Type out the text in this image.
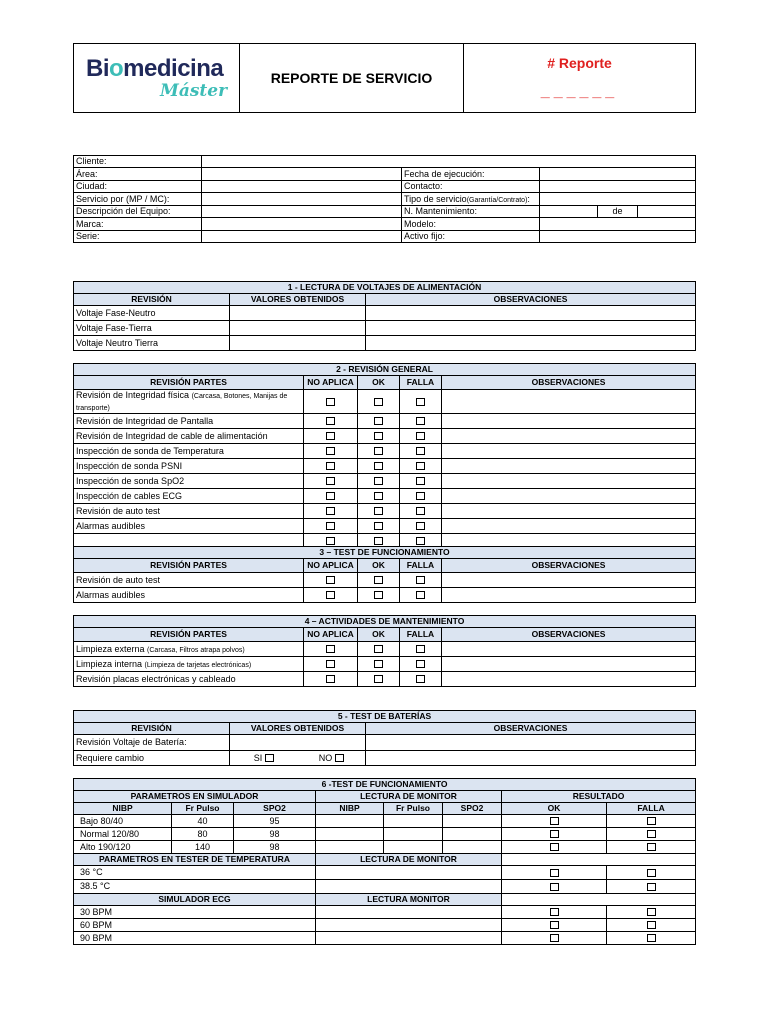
Biomedicina
Máster
	REPORTE DE SERVICIO	# Reporte
______
Cliente:					
Área:		Fecha de ejecución:			
Ciudad:		Contacto:			
Servicio por (MP / MC):		Tipo de servicio(Garantía/Contrato):			
Descripción del Equipo:		N. Mantenimiento:		de	
Marca:		Modelo:			
Serie:		Activo fijo:			
1 - LECTURA DE VOLTAJES DE ALIMENTACIÓN		
REVISIÓN	VALORES OBTENIDOS	OBSERVACIONES
Voltaje Fase-Neutro		
Voltaje Fase-Tierra		
Voltaje Neutro Tierra		
2 - REVISIÓN GENERAL				
REVISIÓN PARTES	NO APLICA	OK	FALLA	OBSERVACIONES
Revisión de Integridad física (Carcasa, Botones, Manijas de transporte)				
Revisión de Integridad de Pantalla				
Revisión de Integridad de cable de alimentación				
Inspección de sonda de Temperatura				
Inspección de sonda PSNI				
Inspección de sonda SpO2				
Inspección de cables ECG				
Revisión de auto test				
Alarmas audibles				

3 – TEST DE FUNCIONAMIENTO				
REVISIÓN PARTES	NO APLICA	OK	FALLA	OBSERVACIONES
Revisión de auto test				
Alarmas audibles				
4 – ACTIVIDADES DE MANTENIMIENTO				
REVISIÓN PARTES	NO APLICA	OK	FALLA	OBSERVACIONES
Limpieza externa (Carcasa, Filtros atrapa polvos)				
Limpieza interna (Limpieza de tarjetas electrónicas)				
Revisión placas electrónicas y cableado				
5 - TEST DE BATERÍAS			
REVISIÓN	VALORES OBTENIDOS		OBSERVACIONES
Revisión Voltaje de Batería:			
Requiere cambio	SI	NO	
6 -TEST DE FUNCIONAMIENTO							
PARAMETROS EN SIMULADOR			LECTURA DE MONITOR			RESULTADO	
NIBP	Fr Pulso	SPO2	NIBP	Fr Pulso	SPO2	OK	FALLA
Bajo 80/40	40	95					
Normal 120/80	80	98					
Alto 190/120	140	98					
PARAMETROS EN TESTER DE TEMPERATURA			LECTURA DE MONITOR				
36 °C							
38.5 °C							
SIMULADOR ECG			LECTURA MONITOR				
30 BPM							
60 BPM							
90 BPM							
